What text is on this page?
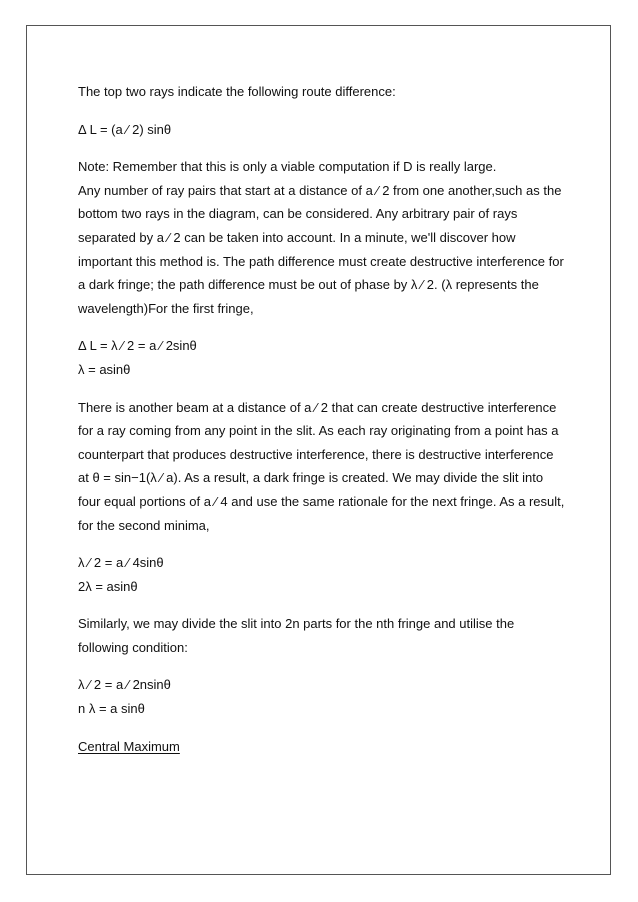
The top two rays indicate the following route difference:
Δ L = (a ⁄ 2) sinθ
Note: Remember that this is only a viable computation if D is really large.
Any number of ray pairs that start at a distance of a ⁄ 2 from one another,such as the
bottom two rays in the diagram, can be considered. Any arbitrary pair of rays
separated by a ⁄ 2 can be taken into account. In a minute, we'll discover how
important this method is. The path difference must create destructive interference for
a dark fringe; the path difference must be out of phase by λ ⁄ 2. (λ represents the
wavelength)For the first fringe,
Δ L = λ ⁄ 2 = a ⁄ 2sinθ
λ = asinθ
There is another beam at a distance of a ⁄ 2 that can create destructive interference
for a ray coming from any point in the slit. As each ray originating from a point has a
counterpart that produces destructive interference, there is destructive interference
at θ = sin−1(λ ⁄ a). As a result, a dark fringe is created. We may divide the slit into
four equal portions of a ⁄ 4 and use the same rationale for the next fringe. As a result,
for the second minima,
λ ⁄ 2 = a ⁄ 4sinθ
2λ = asinθ
Similarly, we may divide the slit into 2n parts for the nth fringe and utilise the
following condition:
λ ⁄ 2 = a ⁄ 2nsinθ
n λ = a sinθ
Central Maximum
